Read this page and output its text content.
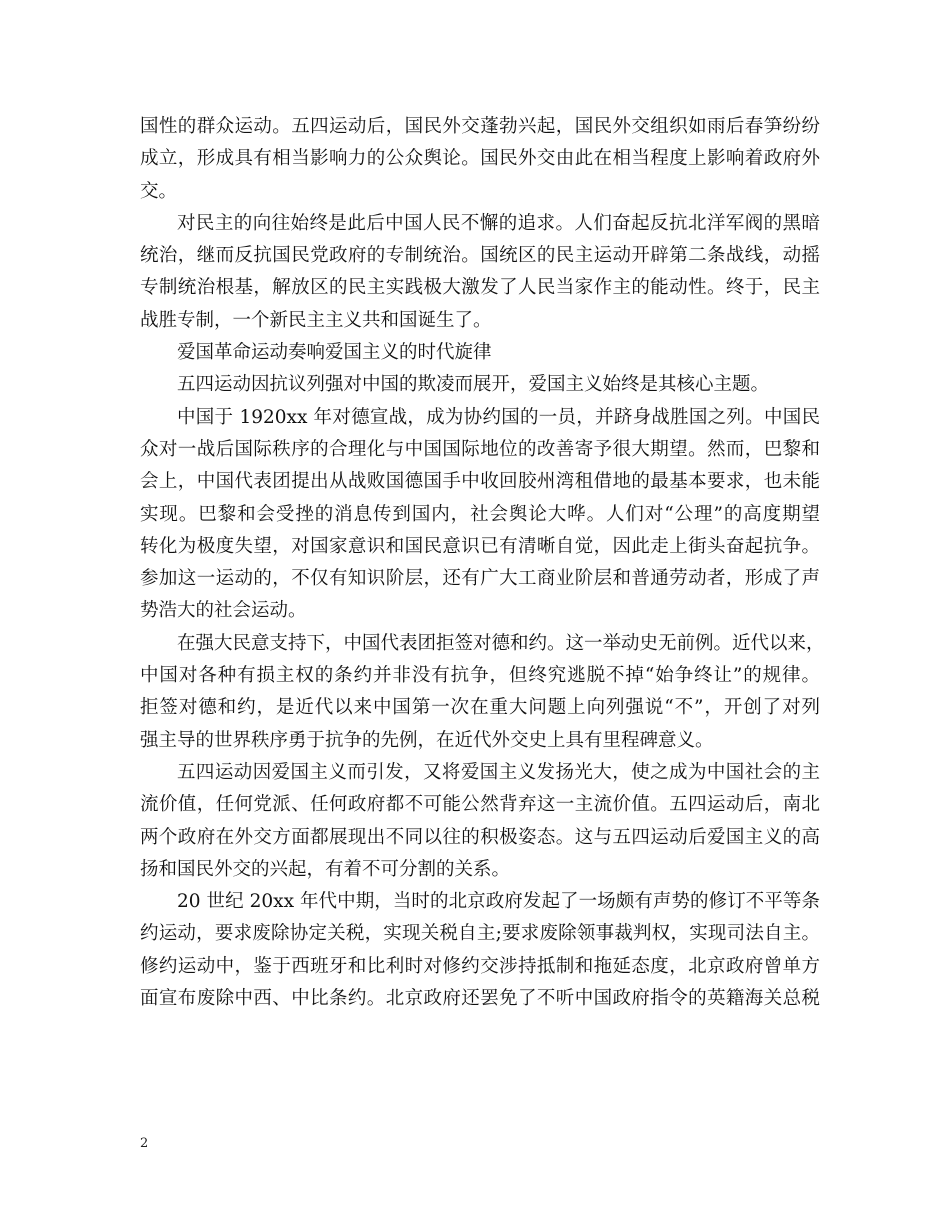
国性的群众运动。五四运动后，国民外交蓬勃兴起，国民外交组织如雨后春笋纷纷
成立，形成具有相当影响力的公众舆论。国民外交由此在相当程度上影响着政府外
交。
对民主的向往始终是此后中国人民不懈的追求。人们奋起反抗北洋军阀的黑暗
统治，继而反抗国民党政府的专制统治。国统区的民主运动开辟第二条战线，动摇
专制统治根基，解放区的民主实践极大激发了人民当家作主的能动性。终于，民主
战胜专制，一个新民主主义共和国诞生了。
爱国革命运动奏响爱国主义的时代旋律
五四运动因抗议列强对中国的欺凌而展开，爱国主义始终是其核心主题。
中国于 1920xx 年对德宣战，成为协约国的一员，并跻身战胜国之列。中国民
众对一战后国际秩序的合理化与中国国际地位的改善寄予很大期望。然而，巴黎和
会上，中国代表团提出从战败国德国手中收回胶州湾租借地的最基本要求，也未能
实现。巴黎和会受挫的消息传到国内，社会舆论大哗。人们对“公理”的高度期望
转化为极度失望，对国家意识和国民意识已有清晰自觉，因此走上街头奋起抗争。
参加这一运动的，不仅有知识阶层，还有广大工商业阶层和普通劳动者，形成了声
势浩大的社会运动。
在强大民意支持下，中国代表团拒签对德和约。这一举动史无前例。近代以来，
中国对各种有损主权的条约并非没有抗争，但终究逃脱不掉“始争终让”的规律。
拒签对德和约，是近代以来中国第一次在重大问题上向列强说“不”，开创了对列
强主导的世界秩序勇于抗争的先例，在近代外交史上具有里程碑意义。
五四运动因爱国主义而引发，又将爱国主义发扬光大，使之成为中国社会的主
流价值，任何党派、任何政府都不可能公然背弃这一主流价值。五四运动后，南北
两个政府在外交方面都展现出不同以往的积极姿态。这与五四运动后爱国主义的高
扬和国民外交的兴起，有着不可分割的关系。
20 世纪 20xx 年代中期，当时的北京政府发起了一场颇有声势的修订不平等条
约运动，要求废除协定关税，实现关税自主;要求废除领事裁判权，实现司法自主。
修约运动中，鉴于西班牙和比利时对修约交涉持抵制和拖延态度，北京政府曾单方
面宣布废除中西、中比条约。北京政府还罢免了不听中国政府指令的英籍海关总税
2
